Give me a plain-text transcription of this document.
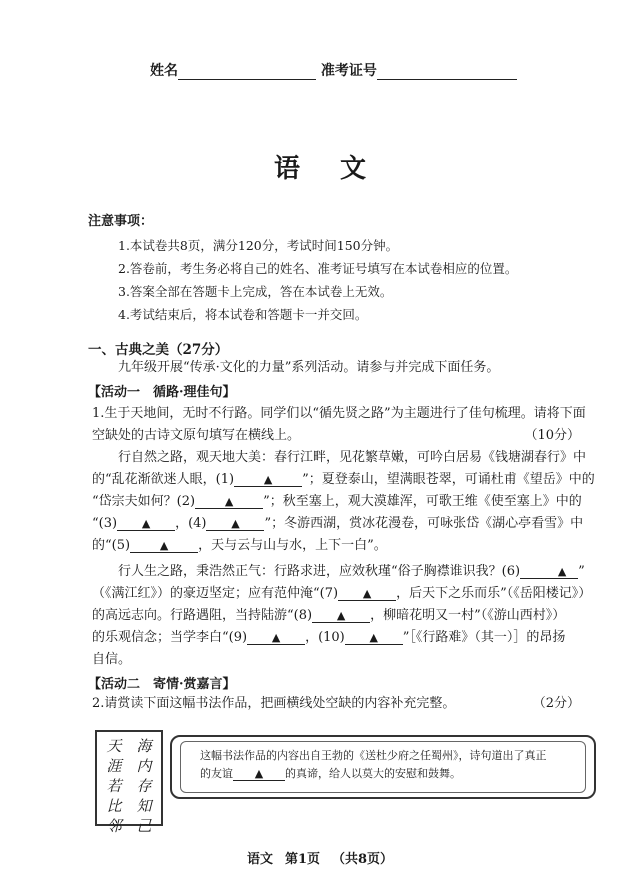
姓名	准考证号
语文
注意事项：
1.本试卷共8页，满分120分，考试时间150分钟。
2.答卷前，考生务必将自己的姓名、准考证号填写在本试卷相应的位置。
3.答案全部在答题卡上完成，答在本试卷上无效。
4.考试结束后，将本试卷和答题卡一并交回。
一、古典之美（27分）
九年级开展“传承·文化的力量”系列活动。请参与并完成下面任务。
【活动一　循路·理佳句】
1.生于天地间，无时不行路。同学们以“循先贤之路”为主题进行了佳句梳理。请将下面
空缺处的古诗文原句填写在横线上。	（10分）
行自然之路，观天地大美：春行江畔，见花繁草嫩，可吟白居易《钱塘湖春行》中
的“乱花渐欲迷人眼，(1)	▲ ”；夏登泰山，望满眼苍翠，可诵杜甫《望岳》中的
“岱宗夫如何？(2)	▲ ”；秋至塞上，观大漠雄浑，可歌王维《使至塞上》中的
“(3) ▲ ，(4) ▲ ”；冬游西湖，赏冰花漫卷，可咏张岱《湖心亭看雪》中
的“(5)	▲ ，天与云与山与水，上下一白”。
行人生之路，秉浩然正气：行路求进，应效秋瑾“俗子胸襟谁识我？(6)	▲ ”
（《满江红》）的豪迈坚定；应有范仲淹“(7) ▲ ，后天下之乐而乐”（《岳阳楼记》）
的高远志向。行路遇阻，当持陆游“(8) ▲ ，柳暗花明又一村”（《游山西村》）
的乐观信念；当学李白“(9) ▲ ，(10) ▲ ”［《行路难》（其一）］的昂扬
自信。
【活动二　寄情·赏嘉言】
2.请赏读下面这幅书法作品，把画横线处空缺的内容补充完整。	（2分）
海
内
存
知
己
天
涯
若
比
邻
这幅书法作品的内容出自王勃的《送杜少府之任蜀州》，诗句道出了真正
的友谊 ▲ 的真谛，给人以莫大的安慰和鼓舞。
语文 第1页 （共8页）
